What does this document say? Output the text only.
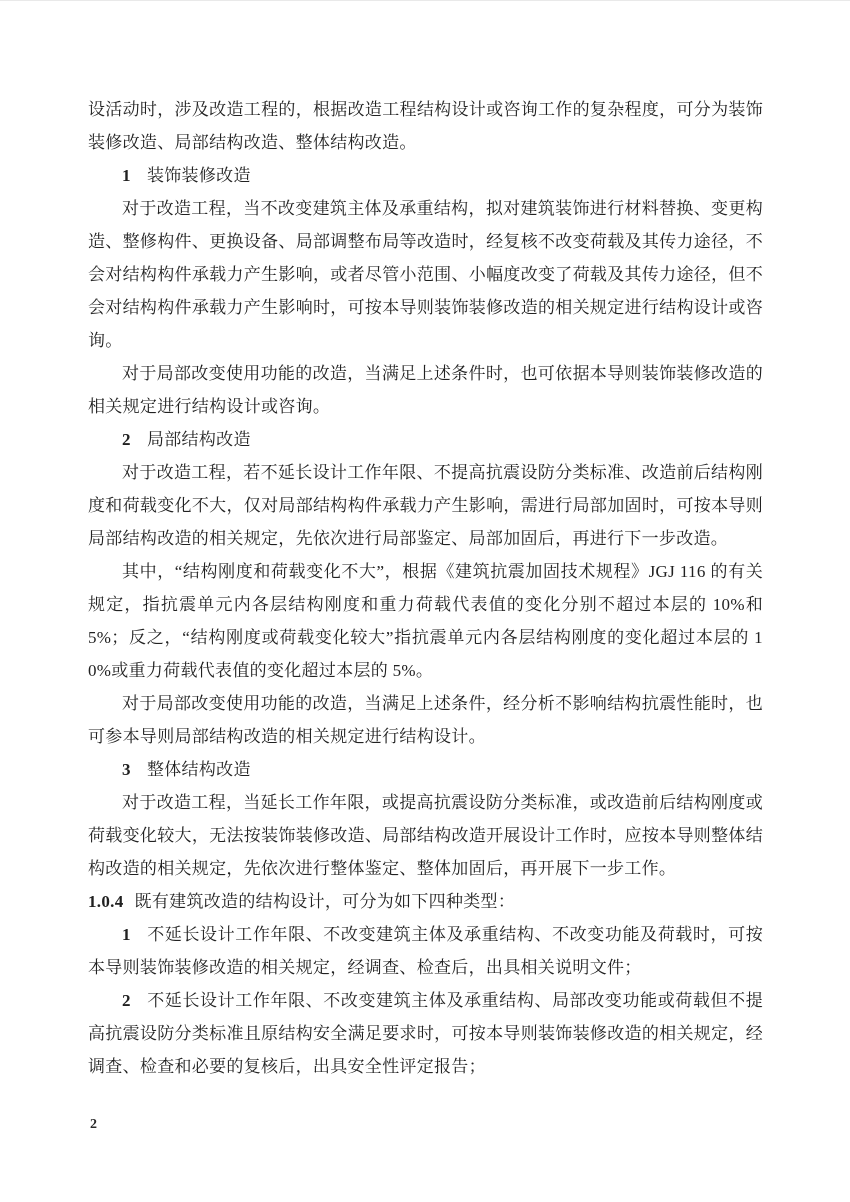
设活动时，涉及改造工程的，根据改造工程结构设计或咨询工作的复杂程度，可分为装饰装修改造、局部结构改造、整体结构改造。

1 装饰装修改造

对于改造工程，当不改变建筑主体及承重结构，拟对建筑装饰进行材料替换、变更构造、整修构件、更换设备、局部调整布局等改造时，经复核不改变荷载及其传力途径，不会对结构构件承载力产生影响，或者尽管小范围、小幅度改变了荷载及其传力途径，但不会对结构构件承载力产生影响时，可按本导则装饰装修改造的相关规定进行结构设计或咨询。

对于局部改变使用功能的改造，当满足上述条件时，也可依据本导则装饰装修改造的相关规定进行结构设计或咨询。

2 局部结构改造

对于改造工程，若不延长设计工作年限、不提高抗震设防分类标准、改造前后结构刚度和荷载变化不大，仅对局部结构构件承载力产生影响，需进行局部加固时，可按本导则局部结构改造的相关规定，先依次进行局部鉴定、局部加固后，再进行下一步改造。

其中，“结构刚度和荷载变化不大”，根据《建筑抗震加固技术规程》JGJ 116 的有关规定，指抗震单元内各层结构刚度和重力荷载代表值的变化分别不超过本层的 10%和 5%；反之，“结构刚度或荷载变化较大”指抗震单元内各层结构刚度的变化超过本层的 10%或重力荷载代表值的变化超过本层的 5%。

对于局部改变使用功能的改造，当满足上述条件，经分析不影响结构抗震性能时，也可参本导则局部结构改造的相关规定进行结构设计。

3 整体结构改造

对于改造工程，当延长工作年限，或提高抗震设防分类标准，或改造前后结构刚度或荷载变化较大，无法按装饰装修改造、局部结构改造开展设计工作时，应按本导则整体结构改造的相关规定，先依次进行整体鉴定、整体加固后，再开展下一步工作。

1.0.4 既有建筑改造的结构设计，可分为如下四种类型：

1 不延长设计工作年限、不改变建筑主体及承重结构、不改变功能及荷载时，可按本导则装饰装修改造的相关规定，经调查、检查后，出具相关说明文件；

2 不延长设计工作年限、不改变建筑主体及承重结构、局部改变功能或荷载但不提高抗震设防分类标准且原结构安全满足要求时，可按本导则装饰装修改造的相关规定，经调查、检查和必要的复核后，出具安全性评定报告；

2
